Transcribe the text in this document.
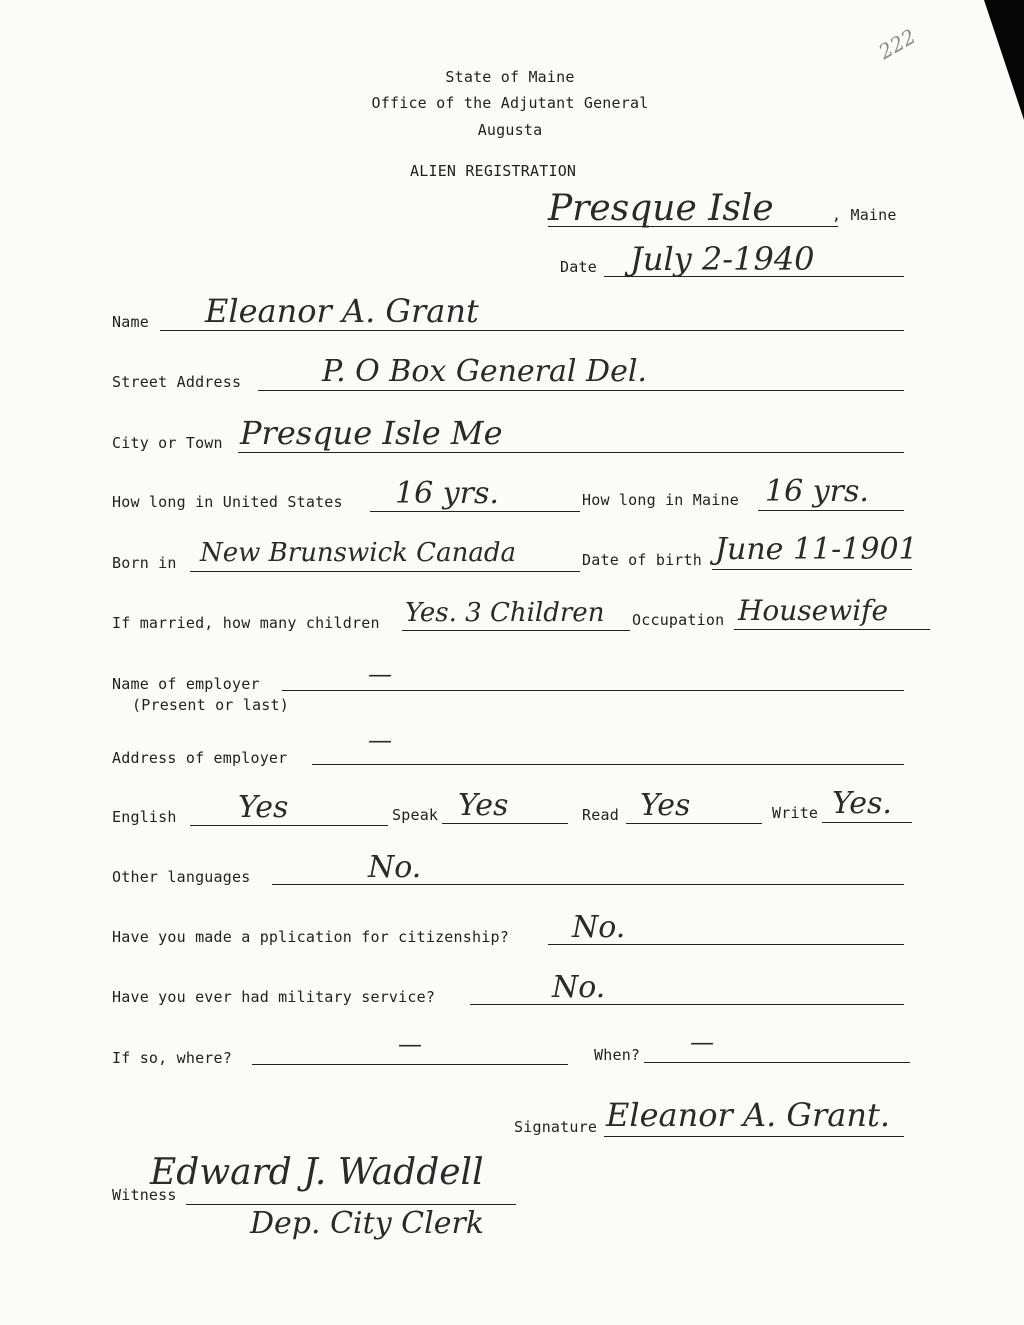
222
State of Maine
Office of the Adjutant General
Augusta
ALIEN REGISTRATION
Presque Isle	, Maine
Date July 2-1940
Name Eleanor A. Grant
Street Address	P. O Box General Del.
City or Town Presque Isle Me
How long in United States 16 yrs.	How long in Maine 16 yrs.
Born in New Brunswick Canada	Date of birth June 11-1901
If married, how many children Yes. 3 Children Occupation Housewife
Name of employer
(Present or last)
—
Address of employer
—
English Yes	Speak Yes	Read Yes	Write Yes.
Other languages	No.
Have you made a pplication for citizenship? No.
Have you ever had military service?	No.
If so, where?	—	When? —
Signature Eleanor A. Grant.
Witness
Edward J. Waddell
Dep. City Clerk
